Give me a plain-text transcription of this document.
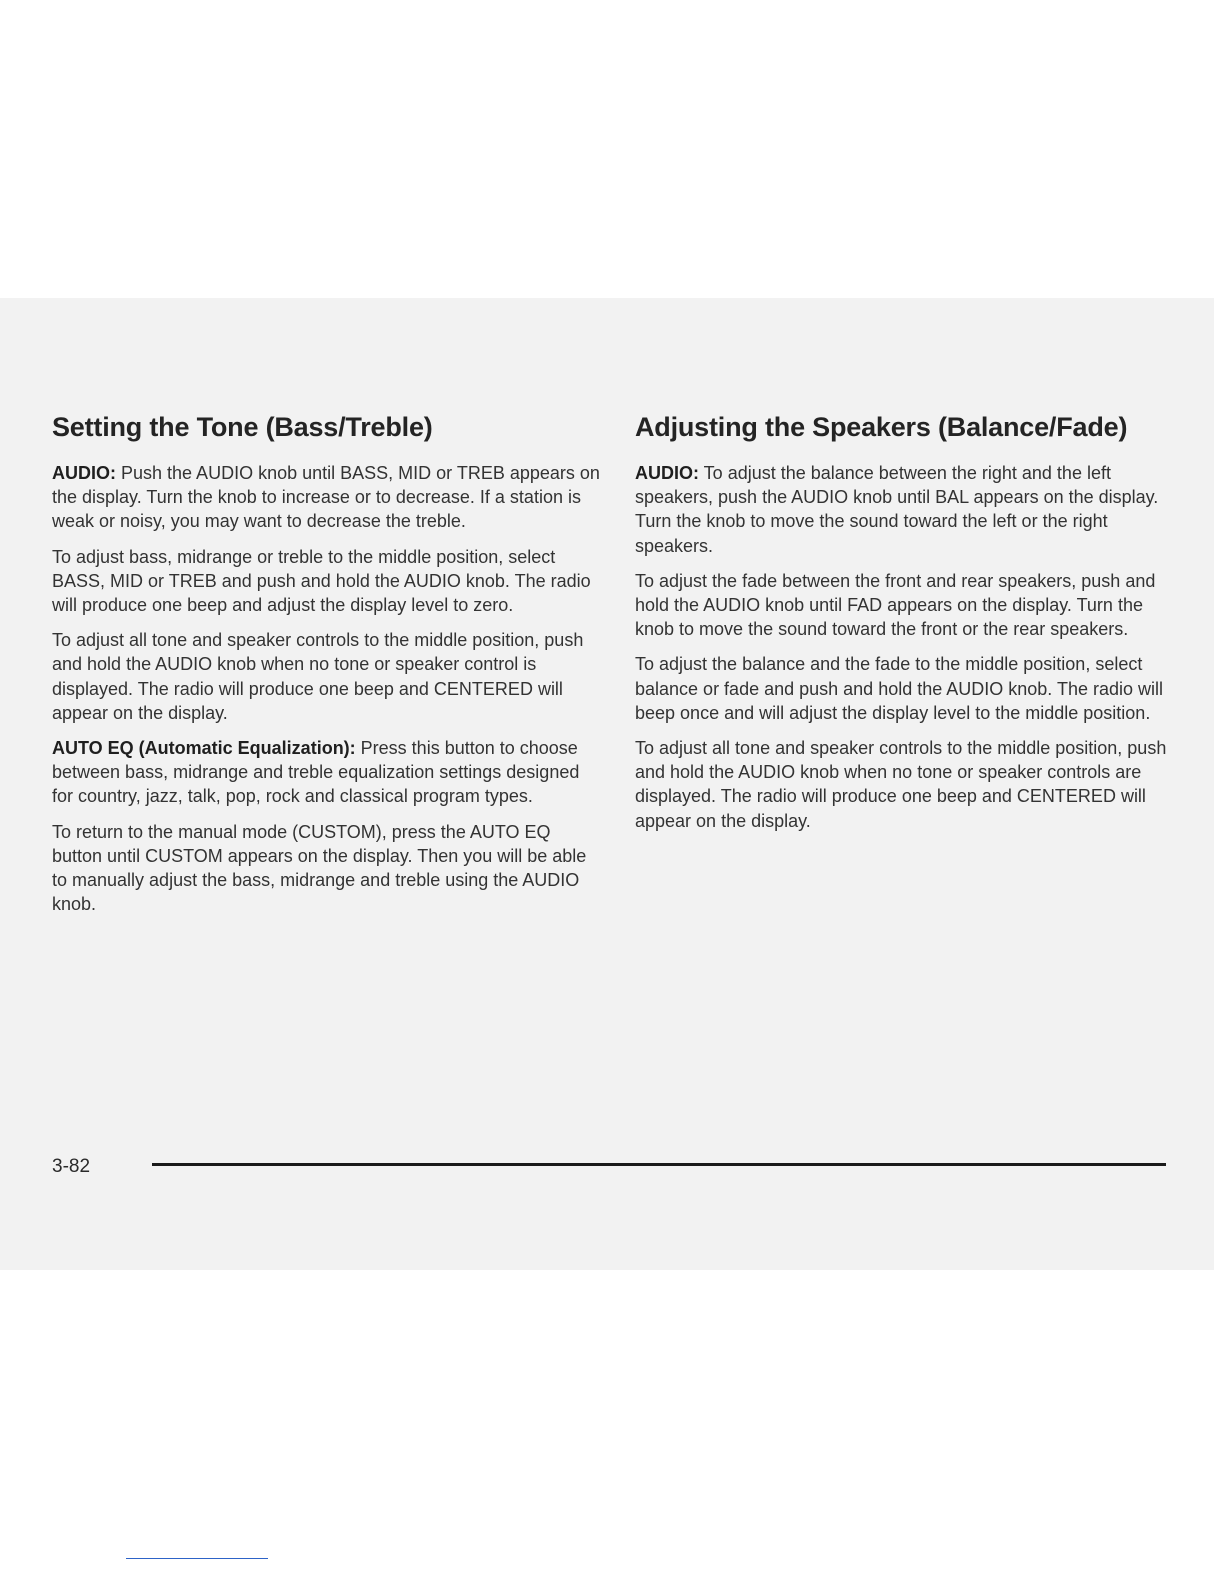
Setting the Tone (Bass/Treble)

AUDIO: Push the AUDIO knob until BASS, MID or TREB appears on the display. Turn the knob to increase or to decrease. If a station is weak or noisy, you may want to decrease the treble.

To adjust bass, midrange or treble to the middle position, select BASS, MID or TREB and push and hold the AUDIO knob. The radio will produce one beep and adjust the display level to zero.

To adjust all tone and speaker controls to the middle position, push and hold the AUDIO knob when no tone or speaker control is displayed. The radio will produce one beep and CENTERED will appear on the display.

AUTO EQ (Automatic Equalization): Press this button to choose between bass, midrange and treble equalization settings designed for country, jazz, talk, pop, rock and classical program types.

To return to the manual mode (CUSTOM), press the AUTO EQ button until CUSTOM appears on the display. Then you will be able to manually adjust the bass, midrange and treble using the AUDIO knob.

Adjusting the Speakers (Balance/Fade)

AUDIO: To adjust the balance between the right and the left speakers, push the AUDIO knob until BAL appears on the display. Turn the knob to move the sound toward the left or the right speakers.

To adjust the fade between the front and rear speakers, push and hold the AUDIO knob until FAD appears on the display. Turn the knob to move the sound toward the front or the rear speakers.

To adjust the balance and the fade to the middle position, select balance or fade and push and hold the AUDIO knob. The radio will beep once and will adjust the display level to the middle position.

To adjust all tone and speaker controls to the middle position, push and hold the AUDIO knob when no tone or speaker controls are displayed. The radio will produce one beep and CENTERED will appear on the display.

3-82
